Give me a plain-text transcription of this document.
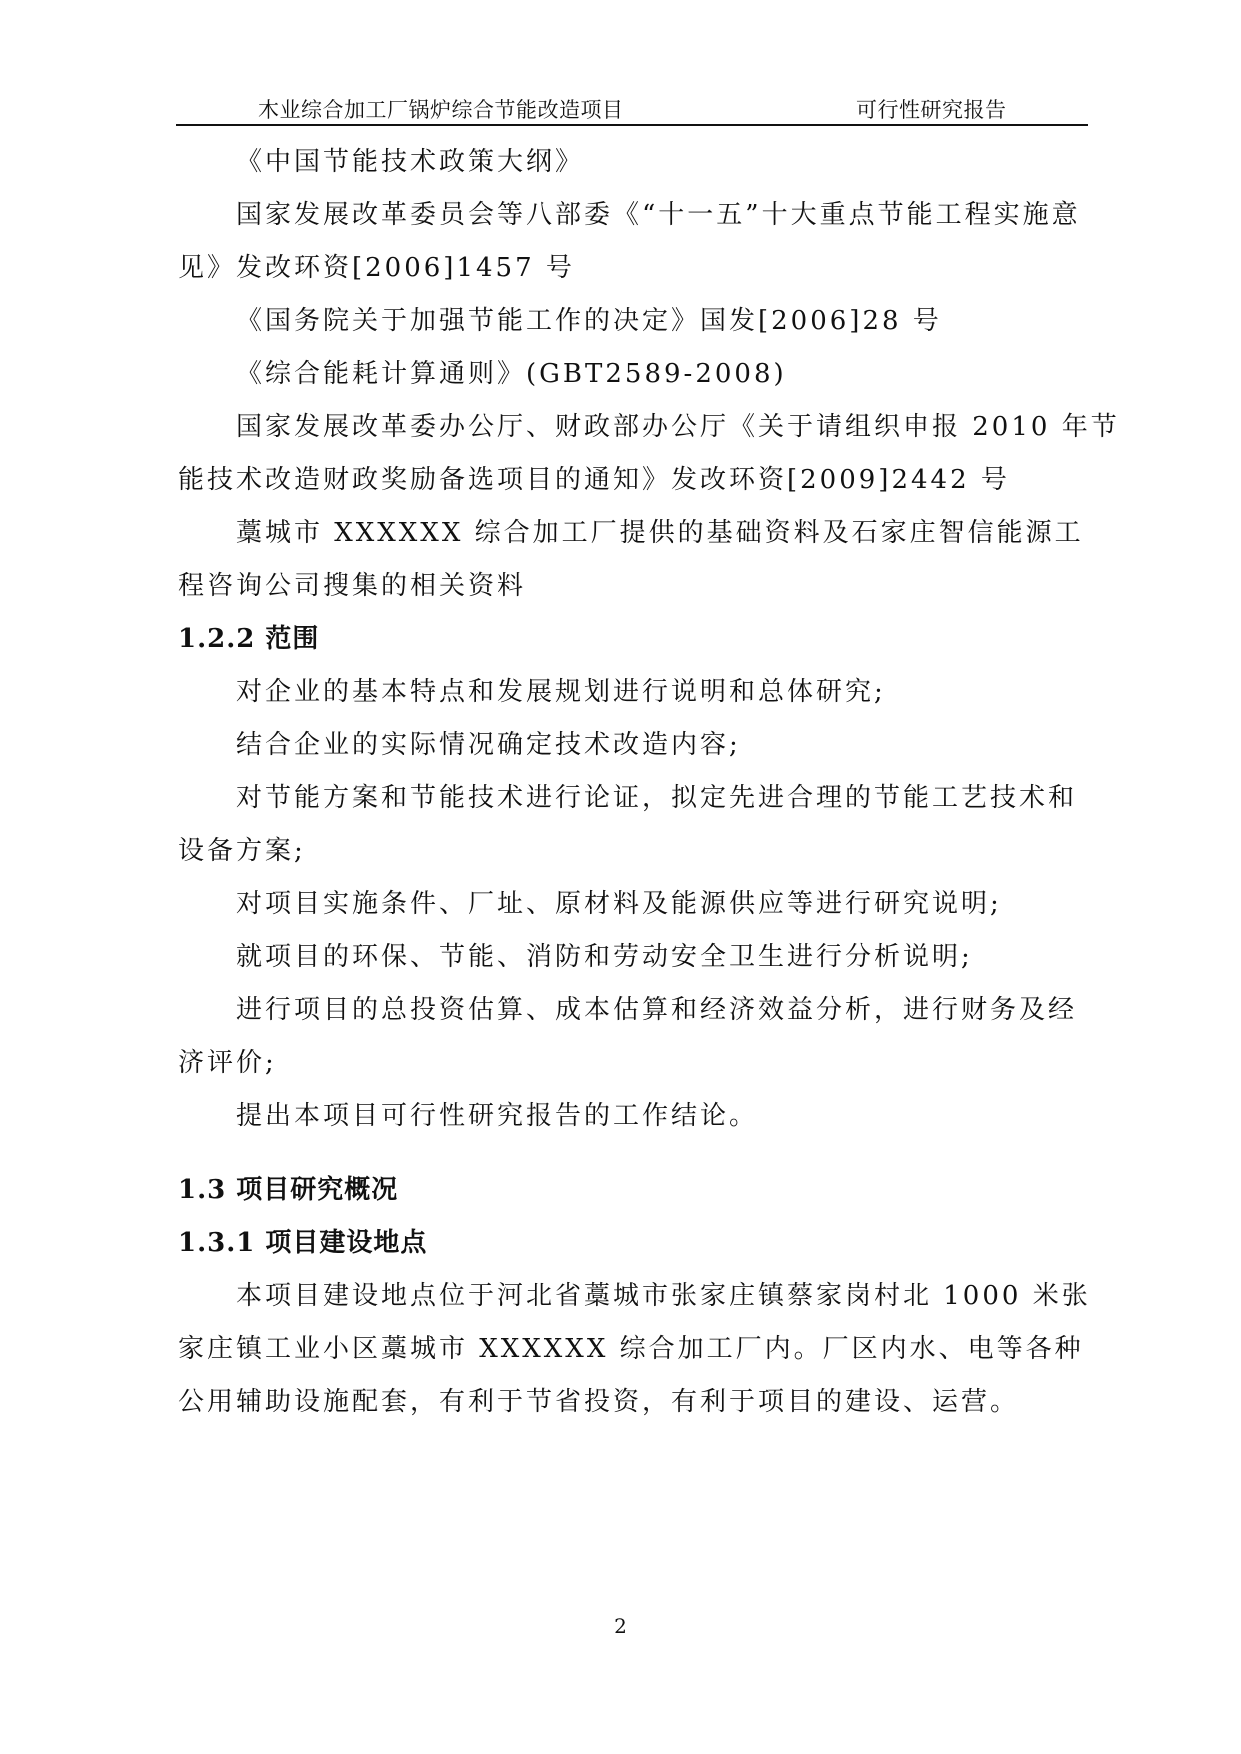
木业综合加工厂锅炉综合节能改造项目	可行性研究报告
《中国节能技术政策大纲》
国家发展改革委员会等八部委《“十一五”十大重点节能工程实施意
见》发改环资[2006]1457 号
《国务院关于加强节能工作的决定》国发[2006]28 号
《综合能耗计算通则》(GBT2589-2008)
国家发展改革委办公厅、财政部办公厅《关于请组织申报 2010 年节
能技术改造财政奖励备选项目的通知》发改环资[2009]2442 号
藁城市 XXXXXX 综合加工厂提供的基础资料及石家庄智信能源工
程咨询公司搜集的相关资料
1.2.2 范围
对企业的基本特点和发展规划进行说明和总体研究;
结合企业的实际情况确定技术改造内容;
对节能方案和节能技术进行论证，拟定先进合理的节能工艺技术和
设备方案;
对项目实施条件、厂址、原材料及能源供应等进行研究说明;
就项目的环保、节能、消防和劳动安全卫生进行分析说明;
进行项目的总投资估算、成本估算和经济效益分析，进行财务及经
济评价;
提出本项目可行性研究报告的工作结论。
1.3 项目研究概况
1.3.1 项目建设地点
本项目建设地点位于河北省藁城市张家庄镇蔡家岗村北 1000 米张
家庄镇工业小区藁城市 XXXXXX 综合加工厂内。厂区内水、电等各种
公用辅助设施配套，有利于节省投资，有利于项目的建设、运营。
2
